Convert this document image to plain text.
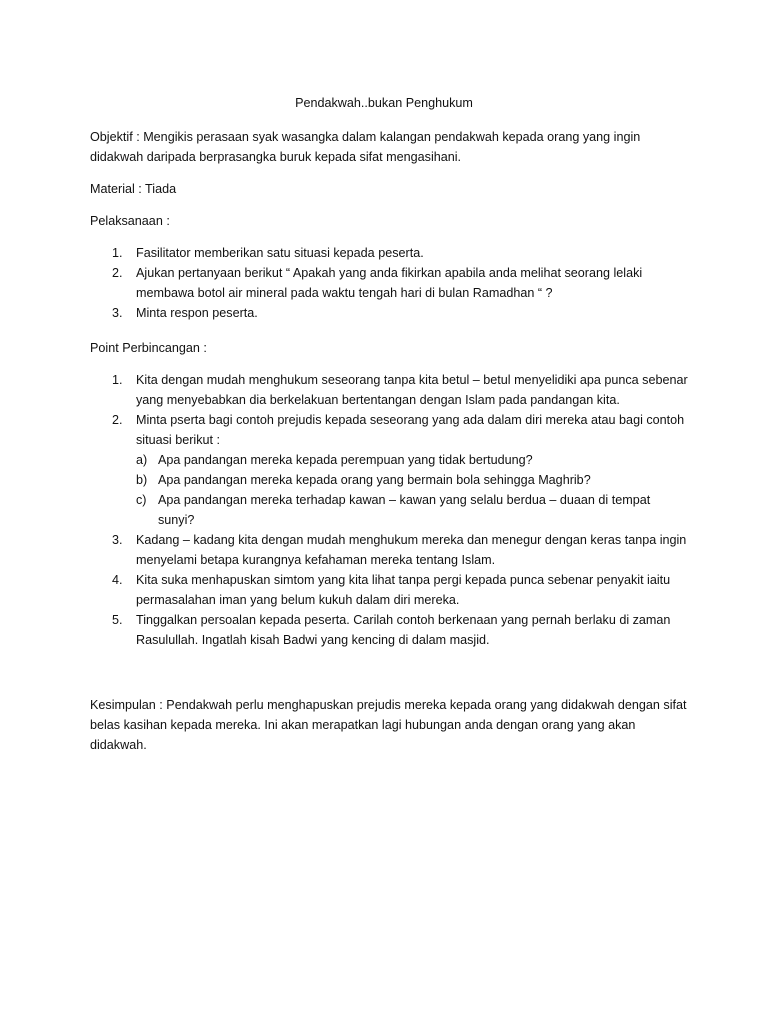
Pendakwah..bukan Penghukum
Objektif : Mengikis perasaan syak wasangka dalam kalangan pendakwah kepada orang yang ingin didakwah daripada berprasangka buruk kepada sifat mengasihani.
Material : Tiada
Pelaksanaan :
1. Fasilitator memberikan satu situasi kepada peserta.
2. Ajukan pertanyaan berikut “ Apakah yang anda fikirkan apabila anda melihat seorang lelaki membawa botol air mineral pada waktu tengah hari di bulan Ramadhan “ ?
3. Minta respon peserta.
Point Perbincangan :
1. Kita dengan mudah menghukum seseorang tanpa kita betul – betul menyelidiki apa punca sebenar yang menyebabkan dia berkelakuan bertentangan dengan Islam pada pandangan kita.
2. Minta pserta bagi contoh prejudis kepada seseorang yang ada dalam diri mereka atau bagi contoh situasi berikut :
a) Apa pandangan mereka kepada perempuan yang tidak bertudung?
b) Apa pandangan mereka kepada orang yang bermain bola sehingga Maghrib?
c) Apa pandangan mereka terhadap kawan – kawan yang selalu berdua – duaan di tempat sunyi?
3. Kadang – kadang kita dengan mudah menghukum mereka dan menegur dengan keras tanpa ingin menyelami betapa kurangnya kefahaman mereka tentang Islam.
4. Kita suka menhapuskan simtom yang kita lihat tanpa pergi kepada punca sebenar penyakit iaitu permasalahan iman yang belum kukuh dalam diri mereka.
5. Tinggalkan persoalan kepada peserta. Carilah contoh berkenaan yang pernah berlaku di zaman Rasulullah. Ingatlah kisah Badwi yang kencing di dalam masjid.
Kesimpulan : Pendakwah perlu menghapuskan prejudis mereka kepada orang yang didakwah dengan sifat belas kasihan kepada mereka. Ini akan merapatkan lagi hubungan anda dengan orang yang akan didakwah.
